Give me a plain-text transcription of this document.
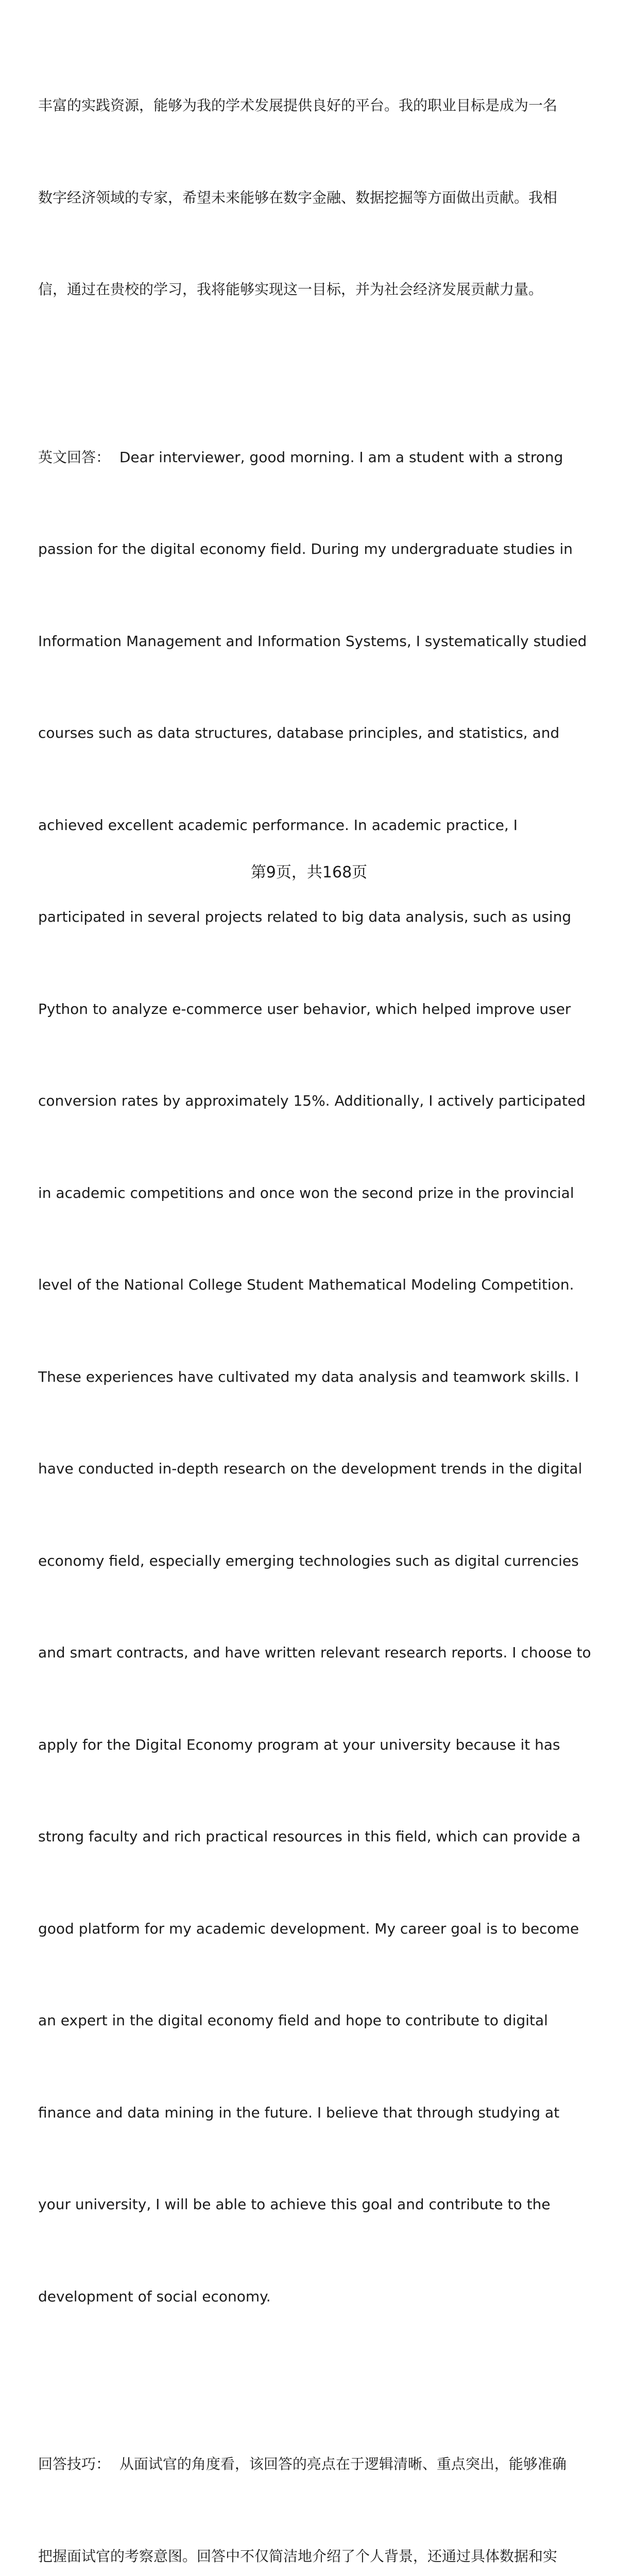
丰富的实践资源，能够为我的学术发展提供良好的平台。我的职业目标是成为一名

数字经济领域的专家，希望未来能够在数字金融、数据挖掘等方面做出贡献。我相

信，通过在贵校的学习，我将能够实现这一目标，并为社会经济发展贡献力量。

英文回答：  Dear interviewer, good morning. I am a student with a strong

passion for the digital economy field. During my undergraduate studies in

Information Management and Information Systems, I systematically studied

courses such as data structures, database principles, and statistics, and

achieved excellent academic performance. In academic practice, I

participated in several projects related to big data analysis, such as using

Python to analyze e-commerce user behavior, which helped improve user

conversion rates by approximately 15%. Additionally, I actively participated

in academic competitions and once won the second prize in the provincial

level of the National College Student Mathematical Modeling Competition.

These experiences have cultivated my data analysis and teamwork skills. I

have conducted in-depth research on the development trends in the digital

economy field, especially emerging technologies such as digital currencies

and smart contracts, and have written relevant research reports. I choose to

apply for the Digital Economy program at your university because it has

strong faculty and rich practical resources in this field, which can provide a

good platform for my academic development. My career goal is to become

an expert in the digital economy field and hope to contribute to digital

finance and data mining in the future. I believe that through studying at

your university, I will be able to achieve this goal and contribute to the

development of social economy.

回答技巧：  从面试官的角度看，该回答的亮点在于逻辑清晰、重点突出，能够准确

把握面试官的考察意图。回答中不仅简洁地介绍了个人背景，还通过具体数据和实

第9页，共168页
